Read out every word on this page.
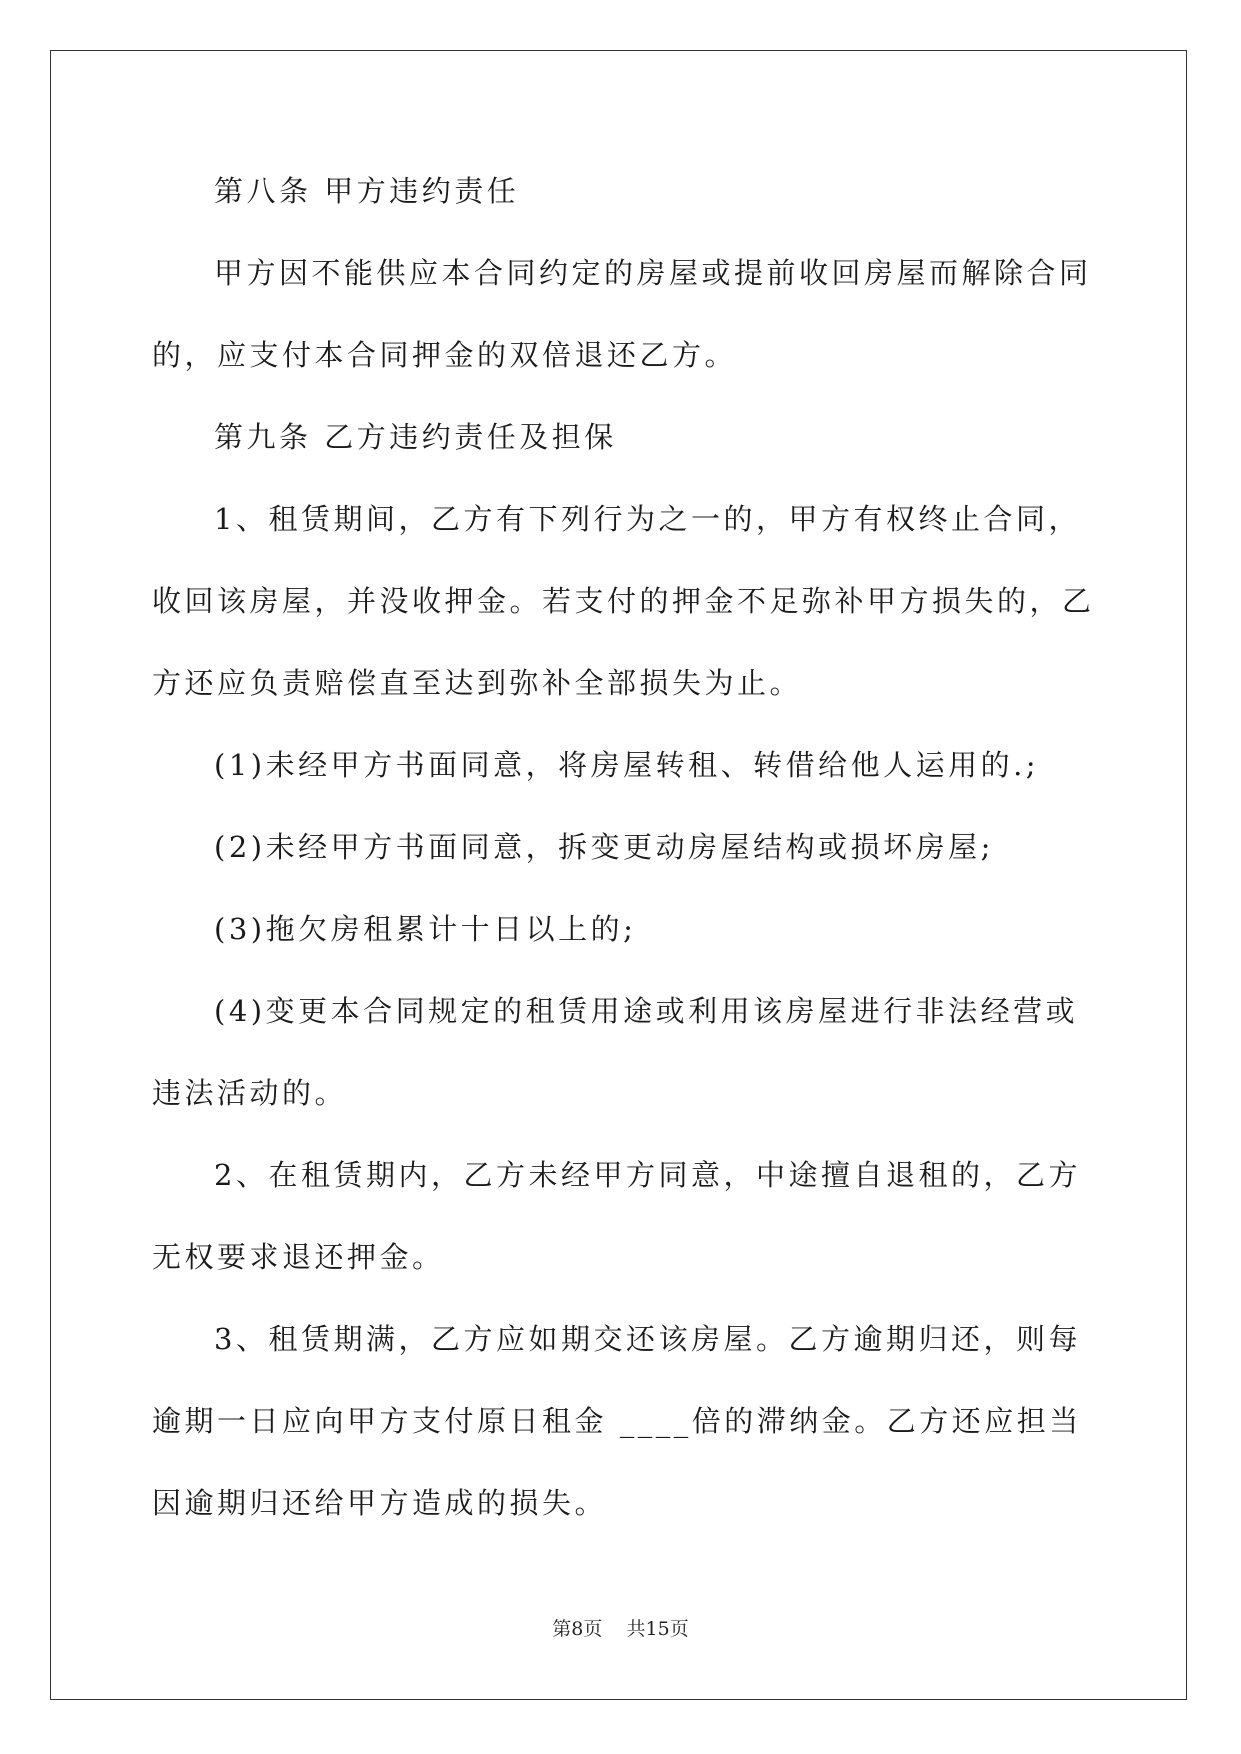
第八条 甲方违约责任

甲方因不能供应本合同约定的房屋或提前收回房屋而解除合同的，应支付本合同押金的双倍退还乙方。

第九条 乙方违约责任及担保

1、租赁期间，乙方有下列行为之一的，甲方有权终止合同，收回该房屋，并没收押金。若支付的押金不足弥补甲方损失的，乙方还应负责赔偿直至达到弥补全部损失为止。

(1)未经甲方书面同意，将房屋转租、转借给他人运用的.;

(2)未经甲方书面同意，拆变更动房屋结构或损坏房屋;

(3)拖欠房租累计十日以上的;

(4)变更本合同规定的租赁用途或利用该房屋进行非法经营或违法活动的。

2、在租赁期内，乙方未经甲方同意，中途擅自退租的，乙方无权要求退还押金。

3、租赁期满，乙方应如期交还该房屋。乙方逾期归还，则每逾期一日应向甲方支付原日租金 ____倍的滞纳金。乙方还应担当因逾期归还给甲方造成的损失。

第8页 共15页
